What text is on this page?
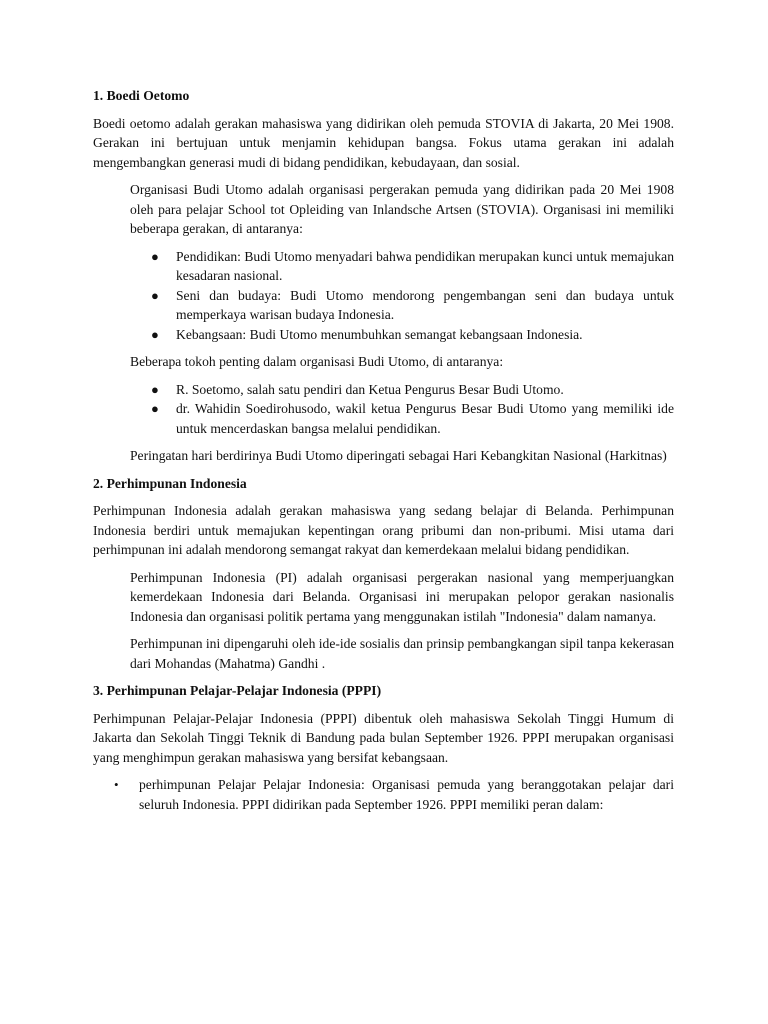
1. Boedi Oetomo

Boedi oetomo adalah gerakan mahasiswa yang didirikan oleh pemuda STOVIA di Jakarta, 20 Mei 1908. Gerakan ini bertujuan untuk menjamin kehidupan bangsa. Fokus utama gerakan ini adalah mengembangkan generasi mudi di bidang pendidikan, kebudayaan, dan sosial.

Organisasi Budi Utomo adalah organisasi pergerakan pemuda yang didirikan pada 20 Mei 1908 oleh para pelajar School tot Opleiding van Inlandsche Artsen (STOVIA). Organisasi ini memiliki beberapa gerakan, di antaranya:

● Pendidikan: Budi Utomo menyadari bahwa pendidikan merupakan kunci untuk memajukan kesadaran nasional.
● Seni dan budaya: Budi Utomo mendorong pengembangan seni dan budaya untuk memperkaya warisan budaya Indonesia.
● Kebangsaan: Budi Utomo menumbuhkan semangat kebangsaan Indonesia.

Beberapa tokoh penting dalam organisasi Budi Utomo, di antaranya:

● R. Soetomo, salah satu pendiri dan Ketua Pengurus Besar Budi Utomo.
● dr. Wahidin Soedirohusodo, wakil ketua Pengurus Besar Budi Utomo yang memiliki ide untuk mencerdaskan bangsa melalui pendidikan.

Peringatan hari berdirinya Budi Utomo diperingati sebagai Hari Kebangkitan Nasional (Harkitnas)

2. Perhimpunan Indonesia

Perhimpunan Indonesia adalah gerakan mahasiswa yang sedang belajar di Belanda. Perhimpunan Indonesia berdiri untuk memajukan kepentingan orang pribumi dan non-pribumi. Misi utama dari perhimpunan ini adalah mendorong semangat rakyat dan kemerdekaan melalui bidang pendidikan.

Perhimpunan Indonesia (PI) adalah organisasi pergerakan nasional yang memperjuangkan kemerdekaan Indonesia dari Belanda. Organisasi ini merupakan pelopor gerakan nasionalis Indonesia dan organisasi politik pertama yang menggunakan istilah "Indonesia" dalam namanya.

Perhimpunan ini dipengaruhi oleh ide-ide sosialis dan prinsip pembangkangan sipil tanpa kekerasan dari Mohandas (Mahatma) Gandhi .

3. Perhimpunan Pelajar-Pelajar Indonesia (PPPI)

Perhimpunan Pelajar-Pelajar Indonesia (PPPI) dibentuk oleh mahasiswa Sekolah Tinggi Humum di Jakarta dan Sekolah Tinggi Teknik di Bandung pada bulan September 1926. PPPI merupakan organisasi yang menghimpun gerakan mahasiswa yang bersifat kebangsaan.

• perhimpunan Pelajar Pelajar Indonesia: Organisasi pemuda yang beranggotakan pelajar dari seluruh Indonesia. PPPI didirikan pada September 1926. PPPI memiliki peran dalam:
